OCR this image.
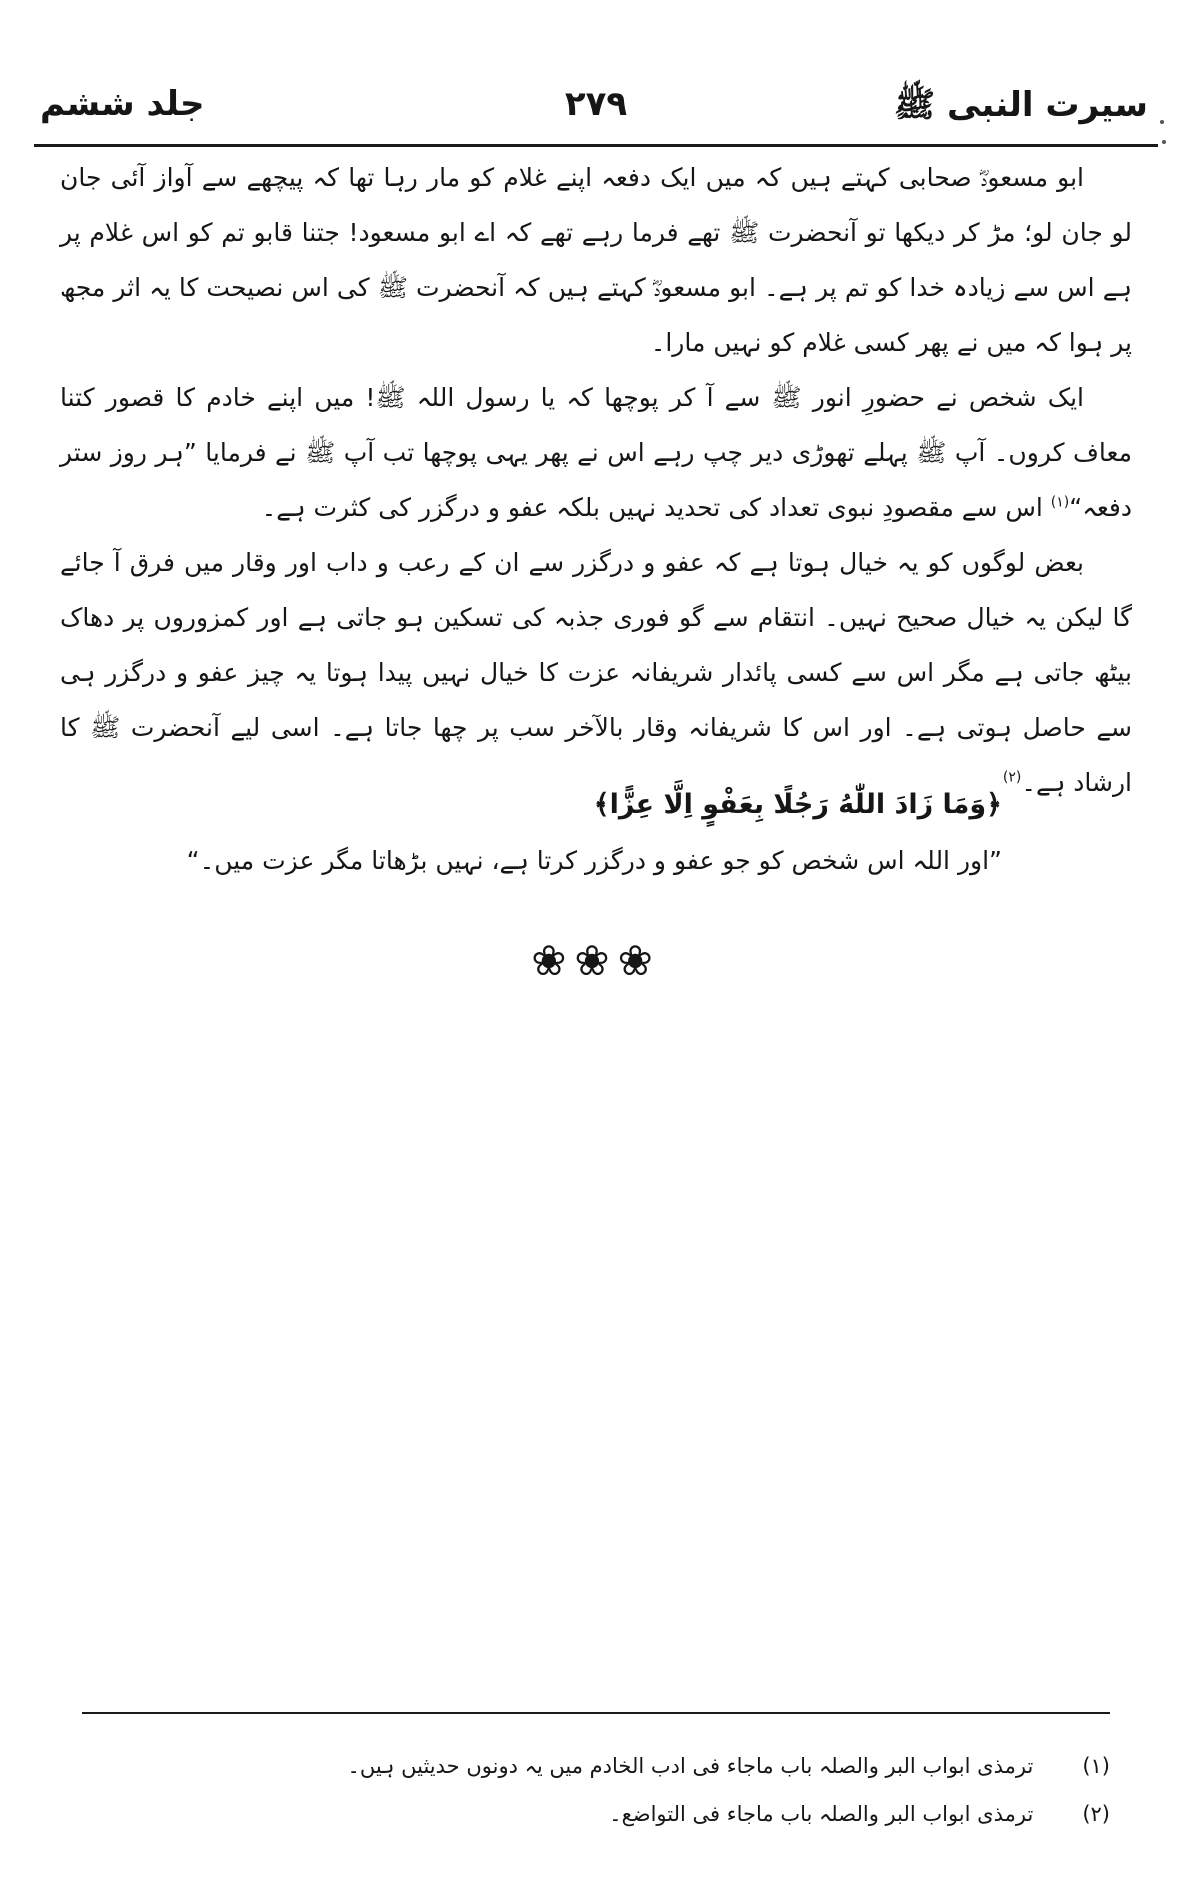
سیرت النبی ﷺ
۲۷۹
جلد ششم

ابو مسعودؓ صحابی کہتے ہیں کہ میں ایک دفعہ اپنے غلام کو مار رہا تھا کہ پیچھے سے آواز آئی جان لو جان لو؛ مڑ کر دیکھا تو آنحضرت ﷺ تھے فرما رہے تھے کہ اے ابو مسعود! جتنا قابو تم کو اس غلام پر ہے اس سے زیادہ خدا کو تم پر ہے۔ ابو مسعودؓ کہتے ہیں کہ آنحضرت ﷺ کی اس نصیحت کا یہ اثر مجھ پر ہوا کہ میں نے پھر کسی غلام کو نہیں مارا۔

ایک شخص نے حضورِ انور ﷺ سے آ کر پوچھا کہ یا رسول اللہ ﷺ! میں اپنے خادم کا قصور کتنا معاف کروں۔ آپ ﷺ پہلے تھوڑی دیر چپ رہے اس نے پھر یہی پوچھا تب آپ ﷺ نے فرمایا ”ہر روز ستر دفعہ“$^{(۱)}$ اس سے مقصودِ نبوی تعداد کی تحدید نہیں بلکہ عفو و درگزر کی کثرت ہے۔

بعض لوگوں کو یہ خیال ہوتا ہے کہ عفو و درگزر سے ان کے رعب و داب اور وقار میں فرق آ جائے گا لیکن یہ خیال صحیح نہیں۔ انتقام سے گو فوری جذبہ کی تسکین ہو جاتی ہے اور کمزوروں پر دھاک بیٹھ جاتی ہے مگر اس سے کسی پائدار شریفانہ عزت کا خیال نہیں پیدا ہوتا یہ چیز عفو و درگزر ہی سے حاصل ہوتی ہے۔ اور اس کا شریفانہ وقار بالآخر سب پر چھا جاتا ہے۔ اسی لیے آنحضرت ﷺ کا ارشاد ہے۔$^{(۲)}$

﴿وَمَا زَادَ اللّٰهُ رَجُلًا بِعَفْوٍ اِلَّا عِزًّا﴾
”اور اللہ اس شخص کو جو عفو و درگزر کرتا ہے، نہیں بڑھاتا مگر عزت میں۔“
❀❀❀
(۱) ترمذی ابواب البر والصلہ باب ماجاء فی ادب الخادم میں یہ دونوں حدیثیں ہیں۔
(۲) ترمذی ابواب البر والصلہ باب ماجاء فی التواضع۔
